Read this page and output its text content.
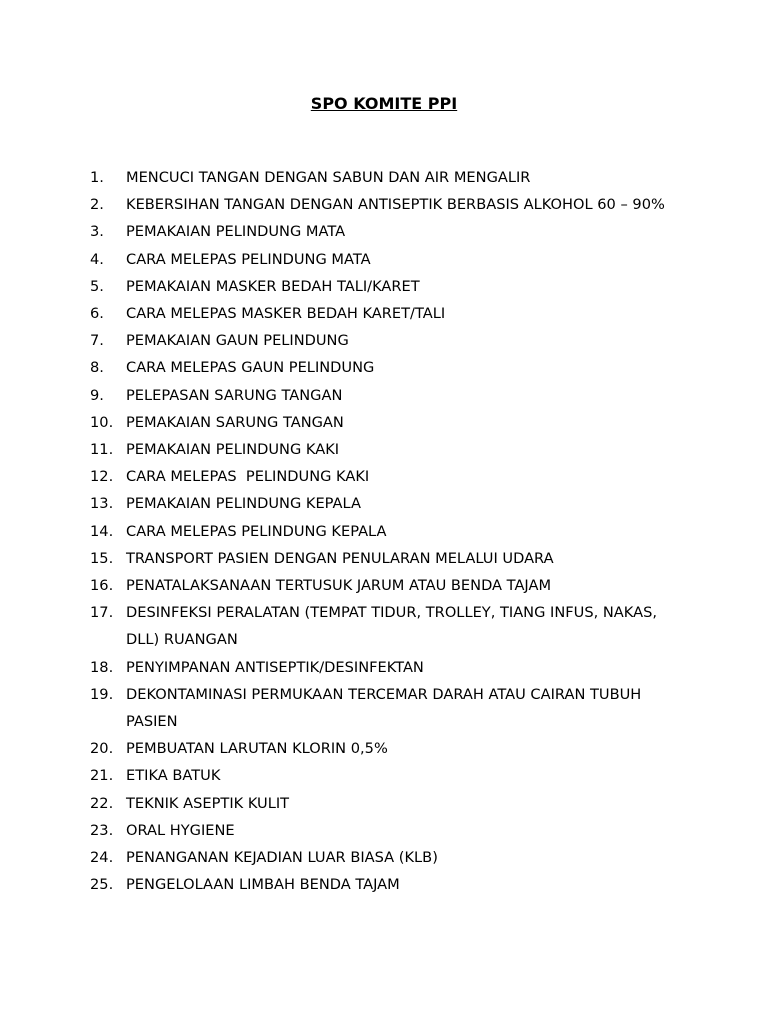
SPO KOMITE PPI
1.	MENCUCI TANGAN DENGAN SABUN DAN AIR MENGALIR
2.	KEBERSIHAN TANGAN DENGAN ANTISEPTIK BERBASIS ALKOHOL 60 – 90%
3.	PEMAKAIAN PELINDUNG MATA
4.	CARA MELEPAS PELINDUNG MATA
5.	PEMAKAIAN MASKER BEDAH TALI/KARET
6.	CARA MELEPAS MASKER BEDAH KARET/TALI
7.	PEMAKAIAN GAUN PELINDUNG
8.	CARA MELEPAS GAUN PELINDUNG
9.	PELEPASAN SARUNG TANGAN
10. PEMAKAIAN SARUNG TANGAN
11. PEMAKAIAN PELINDUNG KAKI
12. CARA MELEPAS  PELINDUNG KAKI
13. PEMAKAIAN PELINDUNG KEPALA
14. CARA MELEPAS PELINDUNG KEPALA
15. TRANSPORT PASIEN DENGAN PENULARAN MELALUI UDARA
16. PENATALAKSANAAN TERTUSUK JARUM ATAU BENDA TAJAM
17. DESINFEKSI PERALATAN (TEMPAT TIDUR, TROLLEY, TIANG INFUS, NAKAS, DLL) RUANGAN
18. PENYIMPANAN ANTISEPTIK/DESINFEKTAN
19. DEKONTAMINASI PERMUKAAN TERCEMAR DARAH ATAU CAIRAN TUBUH PASIEN
20. PEMBUATAN LARUTAN KLORIN 0,5%
21. ETIKA BATUK
22. TEKNIK ASEPTIK KULIT
23. ORAL HYGIENE
24. PENANGANAN KEJADIAN LUAR BIASA (KLB)
25. PENGELOLAAN LIMBAH BENDA TAJAM
